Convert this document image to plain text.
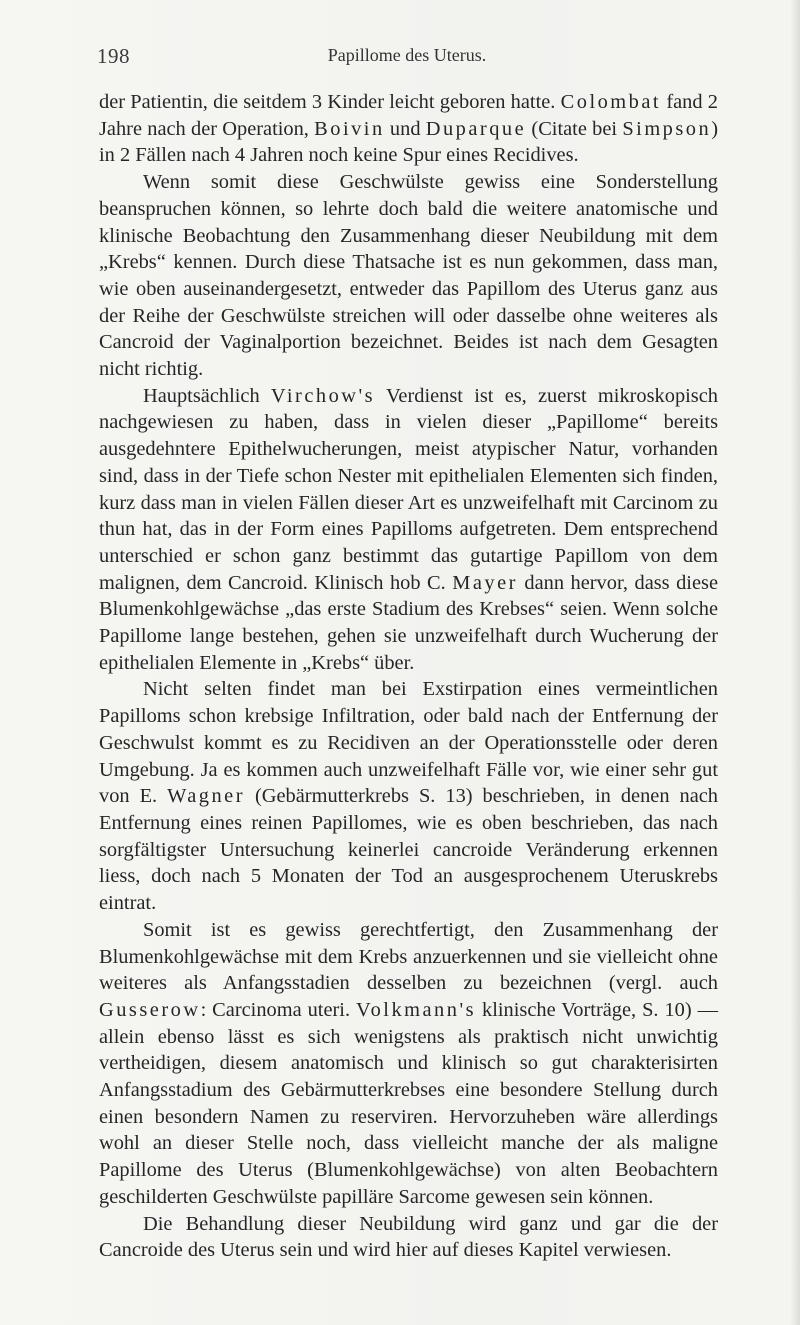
198	Papillome des Uterus.

der Patientin, die seitdem 3 Kinder leicht geboren hatte. Colombat fand 2 Jahre nach der Operation, Boivin und Duparque (Citate bei Simpson) in 2 Fällen nach 4 Jahren noch keine Spur eines Recidives.

Wenn somit diese Geschwülste gewiss eine Sonderstellung beanspruchen können, so lehrte doch bald die weitere anatomische und klinische Beobachtung den Zusammenhang dieser Neubildung mit dem „Krebs“ kennen. Durch diese Thatsache ist es nun gekommen, dass man, wie oben auseinandergesetzt, entweder das Papillom des Uterus ganz aus der Reihe der Geschwülste streichen will oder dasselbe ohne weiteres als Cancroid der Vaginalportion bezeichnet. Beides ist nach dem Gesagten nicht richtig.

Hauptsächlich Virchow's Verdienst ist es, zuerst mikroskopisch nachgewiesen zu haben, dass in vielen dieser „Papillome“ bereits ausgedehntere Epithelwucherungen, meist atypischer Natur, vorhanden sind, dass in der Tiefe schon Nester mit epithelialen Elementen sich finden, kurz dass man in vielen Fällen dieser Art es unzweifelhaft mit Carcinom zu thun hat, das in der Form eines Papilloms aufgetreten. Dem entsprechend unterschied er schon ganz bestimmt das gutartige Papillom von dem malignen, dem Cancroid. Klinisch hob C. Mayer dann hervor, dass diese Blumenkohlgewächse „das erste Stadium des Krebses“ seien. Wenn solche Papillome lange bestehen, gehen sie unzweifelhaft durch Wucherung der epithelialen Elemente in „Krebs“ über.

Nicht selten findet man bei Exstirpation eines vermeintlichen Papilloms schon krebsige Infiltration, oder bald nach der Entfernung der Geschwulst kommt es zu Recidiven an der Operationsstelle oder deren Umgebung. Ja es kommen auch unzweifelhaft Fälle vor, wie einer sehr gut von E. Wagner (Gebärmutterkrebs S. 13) beschrieben, in denen nach Entfernung eines reinen Papillomes, wie es oben beschrieben, das nach sorgfältigster Untersuchung keinerlei cancroide Veränderung erkennen liess, doch nach 5 Monaten der Tod an ausgesprochenem Uteruskrebs eintrat.

Somit ist es gewiss gerechtfertigt, den Zusammenhang der Blumenkohlgewächse mit dem Krebs anzuerkennen und sie vielleicht ohne weiteres als Anfangsstadien desselben zu bezeichnen (vergl. auch Gusserow: Carcinoma uteri. Volkmann's klinische Vorträge, S. 10) — allein ebenso lässt es sich wenigstens als praktisch nicht unwichtig vertheidigen, diesem anatomisch und klinisch so gut charakterisirten Anfangsstadium des Gebärmutterkrebses eine besondere Stellung durch einen besondern Namen zu reserviren. Hervorzuheben wäre allerdings wohl an dieser Stelle noch, dass vielleicht manche der als maligne Papillome des Uterus (Blumenkohlgewächse) von alten Beobachtern geschilderten Geschwülste papilläre Sarcome gewesen sein können.

Die Behandlung dieser Neubildung wird ganz und gar die der Cancroide des Uterus sein und wird hier auf dieses Kapitel verwiesen.
